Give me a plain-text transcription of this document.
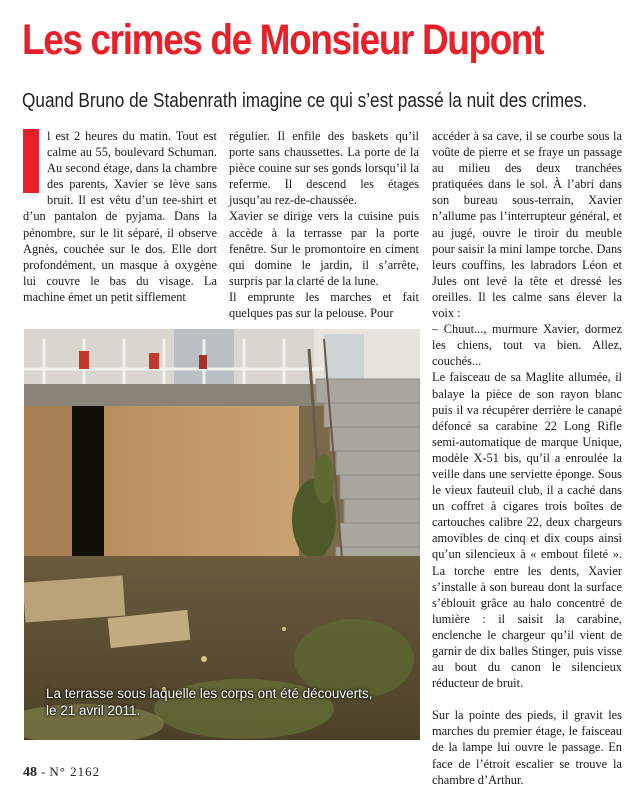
Les crimes de Monsieur Dupont
Quand Bruno de Stabenrath imagine ce qui s’est passé la nuit des crimes.

l est 2 heures du matin. Tout est calme au 55, boulevard Schuman. Au second étage, dans la chambre des parents, Xavier se lève sans bruit. Il est vêtu d’un tee-shirt et d’un pantalon de pyjama. Dans la pénombre, sur le lit séparé, il observe Agnès, couchée sur le dos. Elle dort profondément, un masque à oxygène lui couvre le bas du visage. La machine émet un petit sifflement

régulier. Il enfile des baskets qu’il porte sans chaussettes. La porte de la pièce couine sur ses gonds lorsqu’il la referme. Il descend les étages jusqu’au rez-de-chaussée.

Xavier se dirige vers la cuisine puis accède à la terrasse par la porte fenêtre. Sur le promontoire en ciment qui domine le jardin, il s’arrête, surpris par la clarté de la lune.

Il emprunte les marches et fait quelques pas sur la pelouse. Pour

accéder à sa cave, il se courbe sous la voûte de pierre et se fraye un passage au milieu des deux tranchées pratiquées dans le sol. À l’abri dans son bureau sous-terrain, Xavier n’allume pas l’interrupteur général, et au jugé, ouvre le tiroir du meuble pour saisir la mini lampe torche. Dans leurs couffins, les labradors Léon et Jules ont levé la tête et dressé les oreilles. Il les calme sans élever la voix :

– Chuut..., murmure Xavier, dormez les chiens, tout va bien. Allez, couchés...

Le faisceau de sa Maglite allumée, il balaye la pièce de son rayon blanc puis il va récupérer derrière le canapé défoncé sa carabine 22 Long Rifle semi-automatique de marque Unique, modèle X-51 bis, qu’il a enroulée la veille dans une serviette éponge. Sous le vieux fauteuil club, il a caché dans un coffret à cigares trois boîtes de cartouches calibre 22, deux chargeurs amovibles de cinq et dix coups ainsi qu’un silencieux à « embout fileté ». La torche entre les dents, Xavier s’installe à son bureau dont la surface s’éblouit grâce au halo concentré de lumière : il saisit la carabine, enclenche le chargeur qu’il vient de garnir de dix balles Stinger, puis visse au bout du canon le silencieux réducteur de bruit.

Sur la pointe des pieds, il gravit les marches du premier étage, le faisceau de la lampe lui ouvre le passage. En face de l’étroit escalier se trouve la chambre d’Arthur.

La terrasse sous laquelle les corps ont été découverts, le 21 avril 2011.
48 - N° 2162
